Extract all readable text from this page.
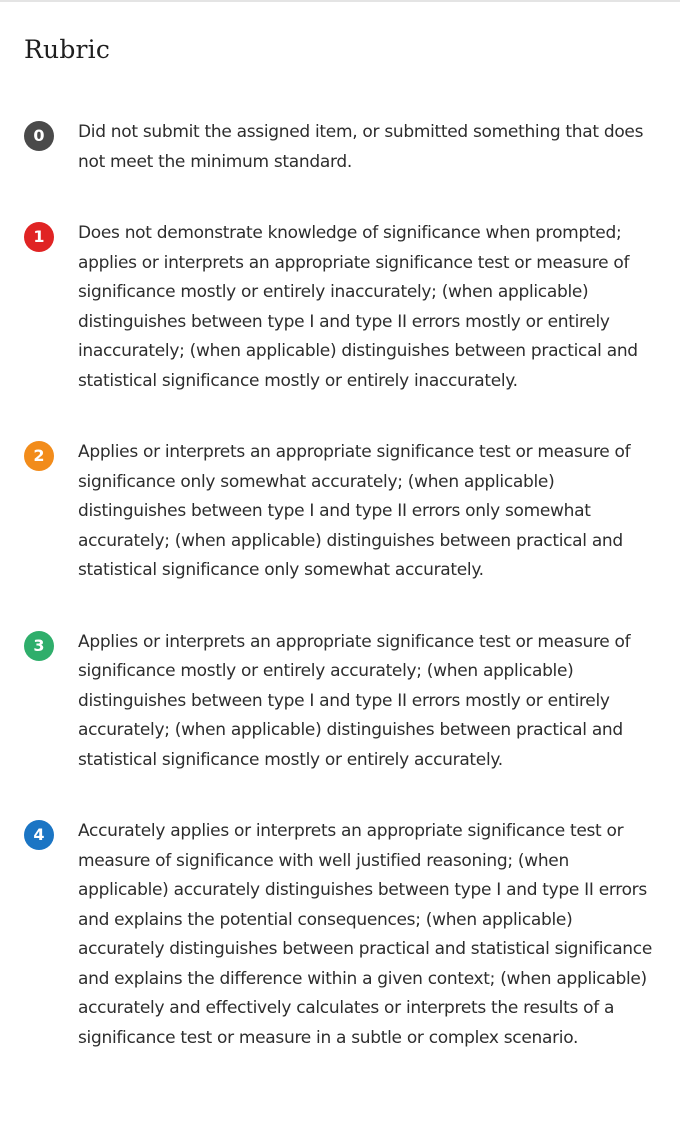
Rubric
0	Did not submit the assigned item, or submitted something that does not meet the minimum standard.
1	Does not demonstrate knowledge of significance when prompted; applies or interprets an appropriate significance test or measure of significance mostly or entirely inaccurately; (when applicable) distinguishes between type I and type II errors mostly or entirely inaccurately; (when applicable) distinguishes between practical and statistical significance mostly or entirely inaccurately.
2	Applies or interprets an appropriate significance test or measure of significance only somewhat accurately; (when applicable) distinguishes between type I and type II errors only somewhat accurately; (when applicable) distinguishes between practical and statistical significance only somewhat accurately.
3	Applies or interprets an appropriate significance test or measure of significance mostly or entirely accurately; (when applicable) distinguishes between type I and type II errors mostly or entirely accurately; (when applicable) distinguishes between practical and statistical significance mostly or entirely accurately.
4	Accurately applies or interprets an appropriate significance test or measure of significance with well justified reasoning; (when applicable) accurately distinguishes between type I and type II errors and explains the potential consequences; (when applicable) accurately distinguishes between practical and statistical significance and explains the difference within a given context; (when applicable) accurately and effectively calculates or interprets the results of a significance test or measure in a subtle or complex scenario.
